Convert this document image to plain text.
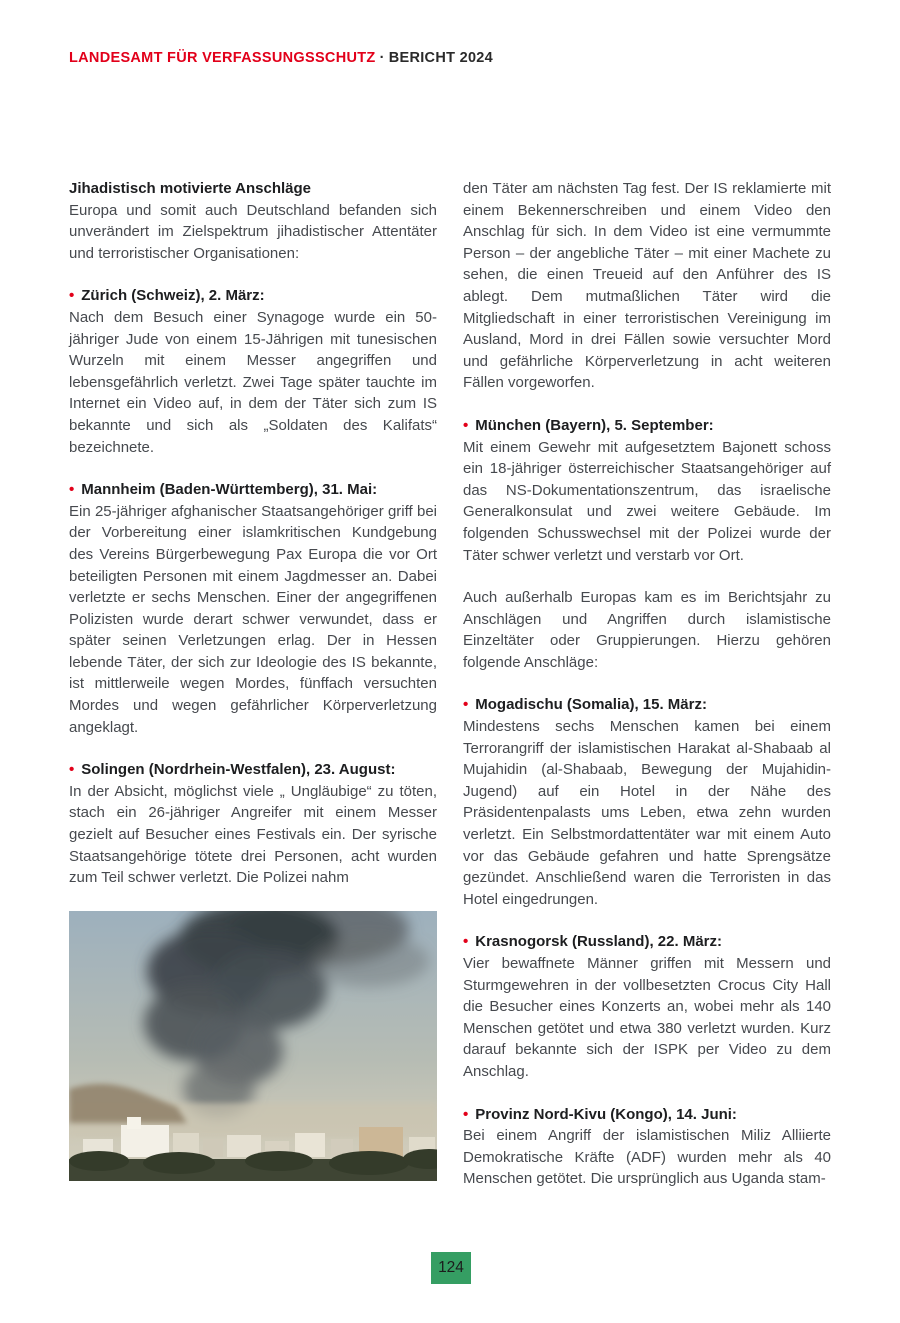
LANDESAMT FÜR VERFASSUNGSSCHUTZ · BERICHT 2024
Jihadistisch motivierte Anschläge

Europa und somit auch Deutschland befanden sich unverändert im Zielspektrum jihadistischer Attentäter und terroristischer Organisationen:

• Zürich (Schweiz), 2. März:

Nach dem Besuch einer Synagoge wurde ein 50-jähriger Jude von einem 15-Jährigen mit tunesischen Wurzeln mit einem Messer angegriffen und lebensgefährlich verletzt. Zwei Tage später tauchte im Internet ein Video auf, in dem der Täter sich zum IS bekannte und sich als „Soldaten des Kalifats“ bezeichnete.

• Mannheim (Baden-Württemberg), 31. Mai:

Ein 25-jähriger afghanischer Staatsangehöriger griff bei der Vorbereitung einer islamkritischen Kundgebung des Vereins Bürgerbewegung Pax Europa die vor Ort beteiligten Personen mit einem Jagdmesser an. Dabei verletzte er sechs Menschen. Einer der angegriffenen Polizisten wurde derart schwer verwundet, dass er später seinen Verletzungen erlag. Der in Hessen lebende Täter, der sich zur Ideologie des IS bekannte, ist mittlerweile wegen Mordes, fünffach versuchten Mordes und wegen gefährlicher Körperverletzung angeklagt.

• Solingen (Nordrhein-Westfalen), 23. August:

In der Absicht, möglichst viele „ Ungläubige“ zu töten, stach ein 26-jähriger Angreifer mit einem Messer gezielt auf Besucher eines Festivals ein. Der syrische Staatsangehörige tötete drei Personen, acht wurden zum Teil schwer verletzt. Die Polizei nahm

den Täter am nächsten Tag fest. Der IS reklamierte mit einem Bekennerschreiben und einem Video den Anschlag für sich. In dem Video ist eine vermummte Person – der angebliche Täter – mit einer Machete zu sehen, die einen Treueid auf den Anführer des IS ablegt. Dem mutmaßlichen Täter wird die Mitgliedschaft in einer terroristischen Vereinigung im Ausland, Mord in drei Fällen sowie versuchter Mord und gefährliche Körperverletzung in acht weiteren Fällen vorgeworfen.

• München (Bayern), 5. September:

Mit einem Gewehr mit aufgesetztem Bajonett schoss ein 18-jähriger österreichischer Staatsangehöriger auf das NS-Dokumentationszentrum, das israelische Generalkonsulat und zwei weitere Gebäude. Im folgenden Schusswechsel mit der Polizei wurde der Täter schwer verletzt und verstarb vor Ort.

Auch außerhalb Europas kam es im Berichtsjahr zu Anschlägen und Angriffen durch islamistische Einzeltäter oder Gruppierungen. Hierzu gehören folgende Anschläge:

• Mogadischu (Somalia), 15. März:

Mindestens sechs Menschen kamen bei einem Terrorangriff der islamistischen Harakat al-Shabaab al Mujahidin (al-Shabaab, Bewegung der Mujahidin-Jugend) auf ein Hotel in der Nähe des Präsidentenpalasts ums Leben, etwa zehn wurden verletzt. Ein Selbstmordattentäter war mit einem Auto vor das Gebäude gefahren und hatte Sprengsätze gezündet. Anschließend waren die Terroristen in das Hotel eingedrungen.

• Krasnogorsk (Russland), 22. März:

Vier bewaffnete Männer griffen mit Messern und Sturmgewehren in der vollbesetzten Crocus City Hall die Besucher eines Konzerts an, wobei mehr als 140 Menschen getötet und etwa 380 verletzt wurden. Kurz darauf bekannte sich der ISPK per Video zu dem Anschlag.

• Provinz Nord-Kivu (Kongo), 14. Juni:

Bei einem Angriff der islamistischen Miliz Alliierte Demokratische Kräfte (ADF) wurden mehr als 40 Menschen getötet. Die ursprünglich aus Uganda stam-

124
